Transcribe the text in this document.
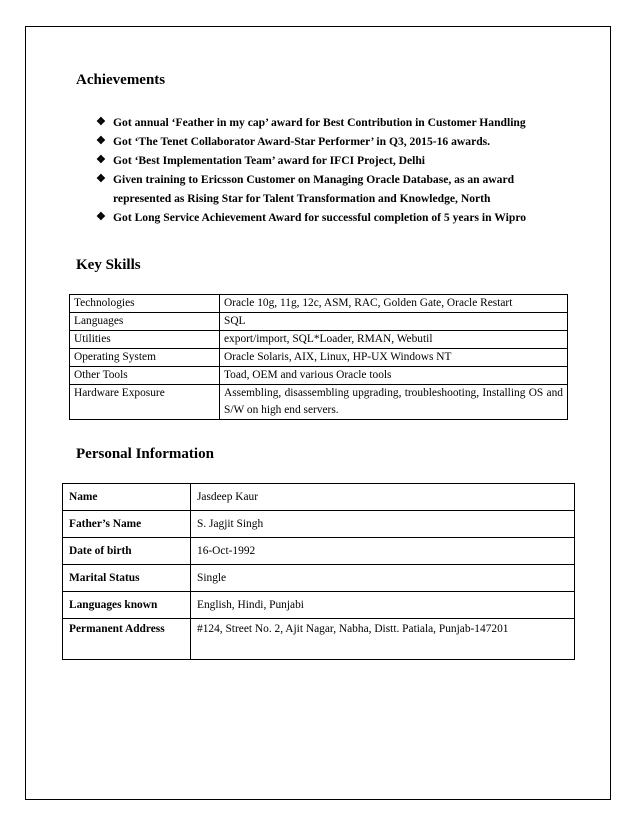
Achievements
❖ Got annual ‘Feather in my cap’ award for Best Contribution in Customer Handling
❖ Got ‘The Tenet Collaborator Award-Star Performer’ in Q3, 2015-16 awards.
❖ Got ‘Best Implementation Team’ award for IFCI Project, Delhi
❖ Given training to Ericsson Customer on Managing Oracle Database, as an award represented as Rising Star for Talent Transformation and Knowledge, North
❖ Got Long Service Achievement Award for successful completion of 5 years in Wipro
Key Skills
Technologies	Oracle 10g, 11g, 12c, ASM, RAC, Golden Gate, Oracle Restart
Languages	SQL
Utilities	export/import, SQL*Loader, RMAN, Webutil
Operating System	Oracle Solaris, AIX, Linux, HP-UX Windows NT
Other Tools	Toad, OEM and various Oracle tools
Hardware Exposure	Assembling, disassembling upgrading, troubleshooting, Installing OS and S/W on high end servers.
Personal Information
Name	Jasdeep Kaur
Father’s Name	S. Jagjit Singh
Date of birth	16-Oct-1992
Marital Status	Single
Languages known	English, Hindi, Punjabi
Permanent Address	#124, Street No. 2, Ajit Nagar, Nabha, Distt. Patiala, Punjab-147201
